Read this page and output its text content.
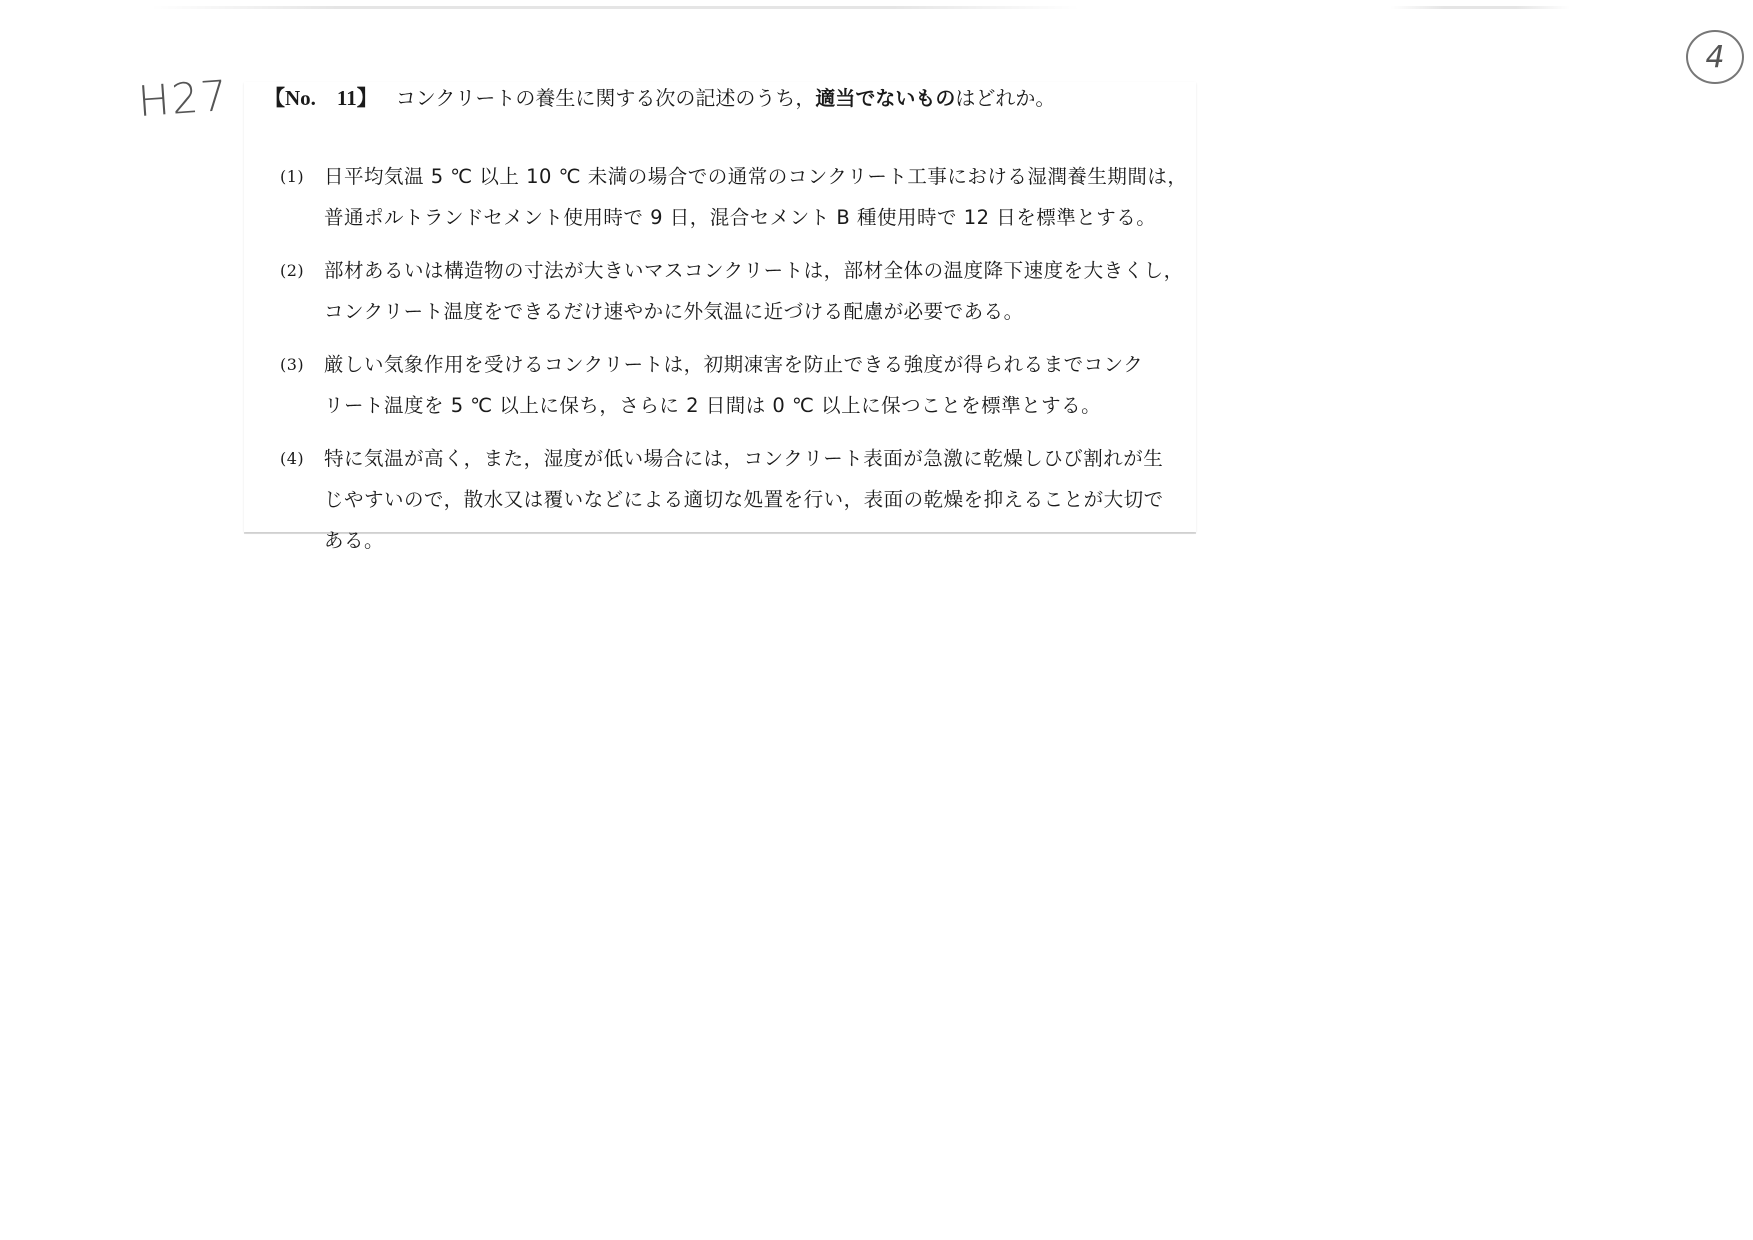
H27
4
【No.　11】 コンクリートの養生に関する次の記述のうち，適当でないものはどれか。
(1) 日平均気温 5 ℃ 以上 10 ℃ 未満の場合での通常のコンクリート工事における湿潤養生期間は，
普通ポルトランドセメント使用時で 9 日，混合セメント B 種使用時で 12 日を標準とする。
(2) 部材あるいは構造物の寸法が大きいマスコンクリートは，部材全体の温度降下速度を大きくし，
コンクリート温度をできるだけ速やかに外気温に近づける配慮が必要である。
(3) 厳しい気象作用を受けるコンクリートは，初期凍害を防止できる強度が得られるまでコンク
リート温度を 5 ℃ 以上に保ち，さらに 2 日間は 0 ℃ 以上に保つことを標準とする。
(4) 特に気温が高く，また，湿度が低い場合には，コンクリート表面が急激に乾燥しひび割れが生
じやすいので，散水又は覆いなどによる適切な処置を行い，表面の乾燥を抑えることが大切で
ある。
